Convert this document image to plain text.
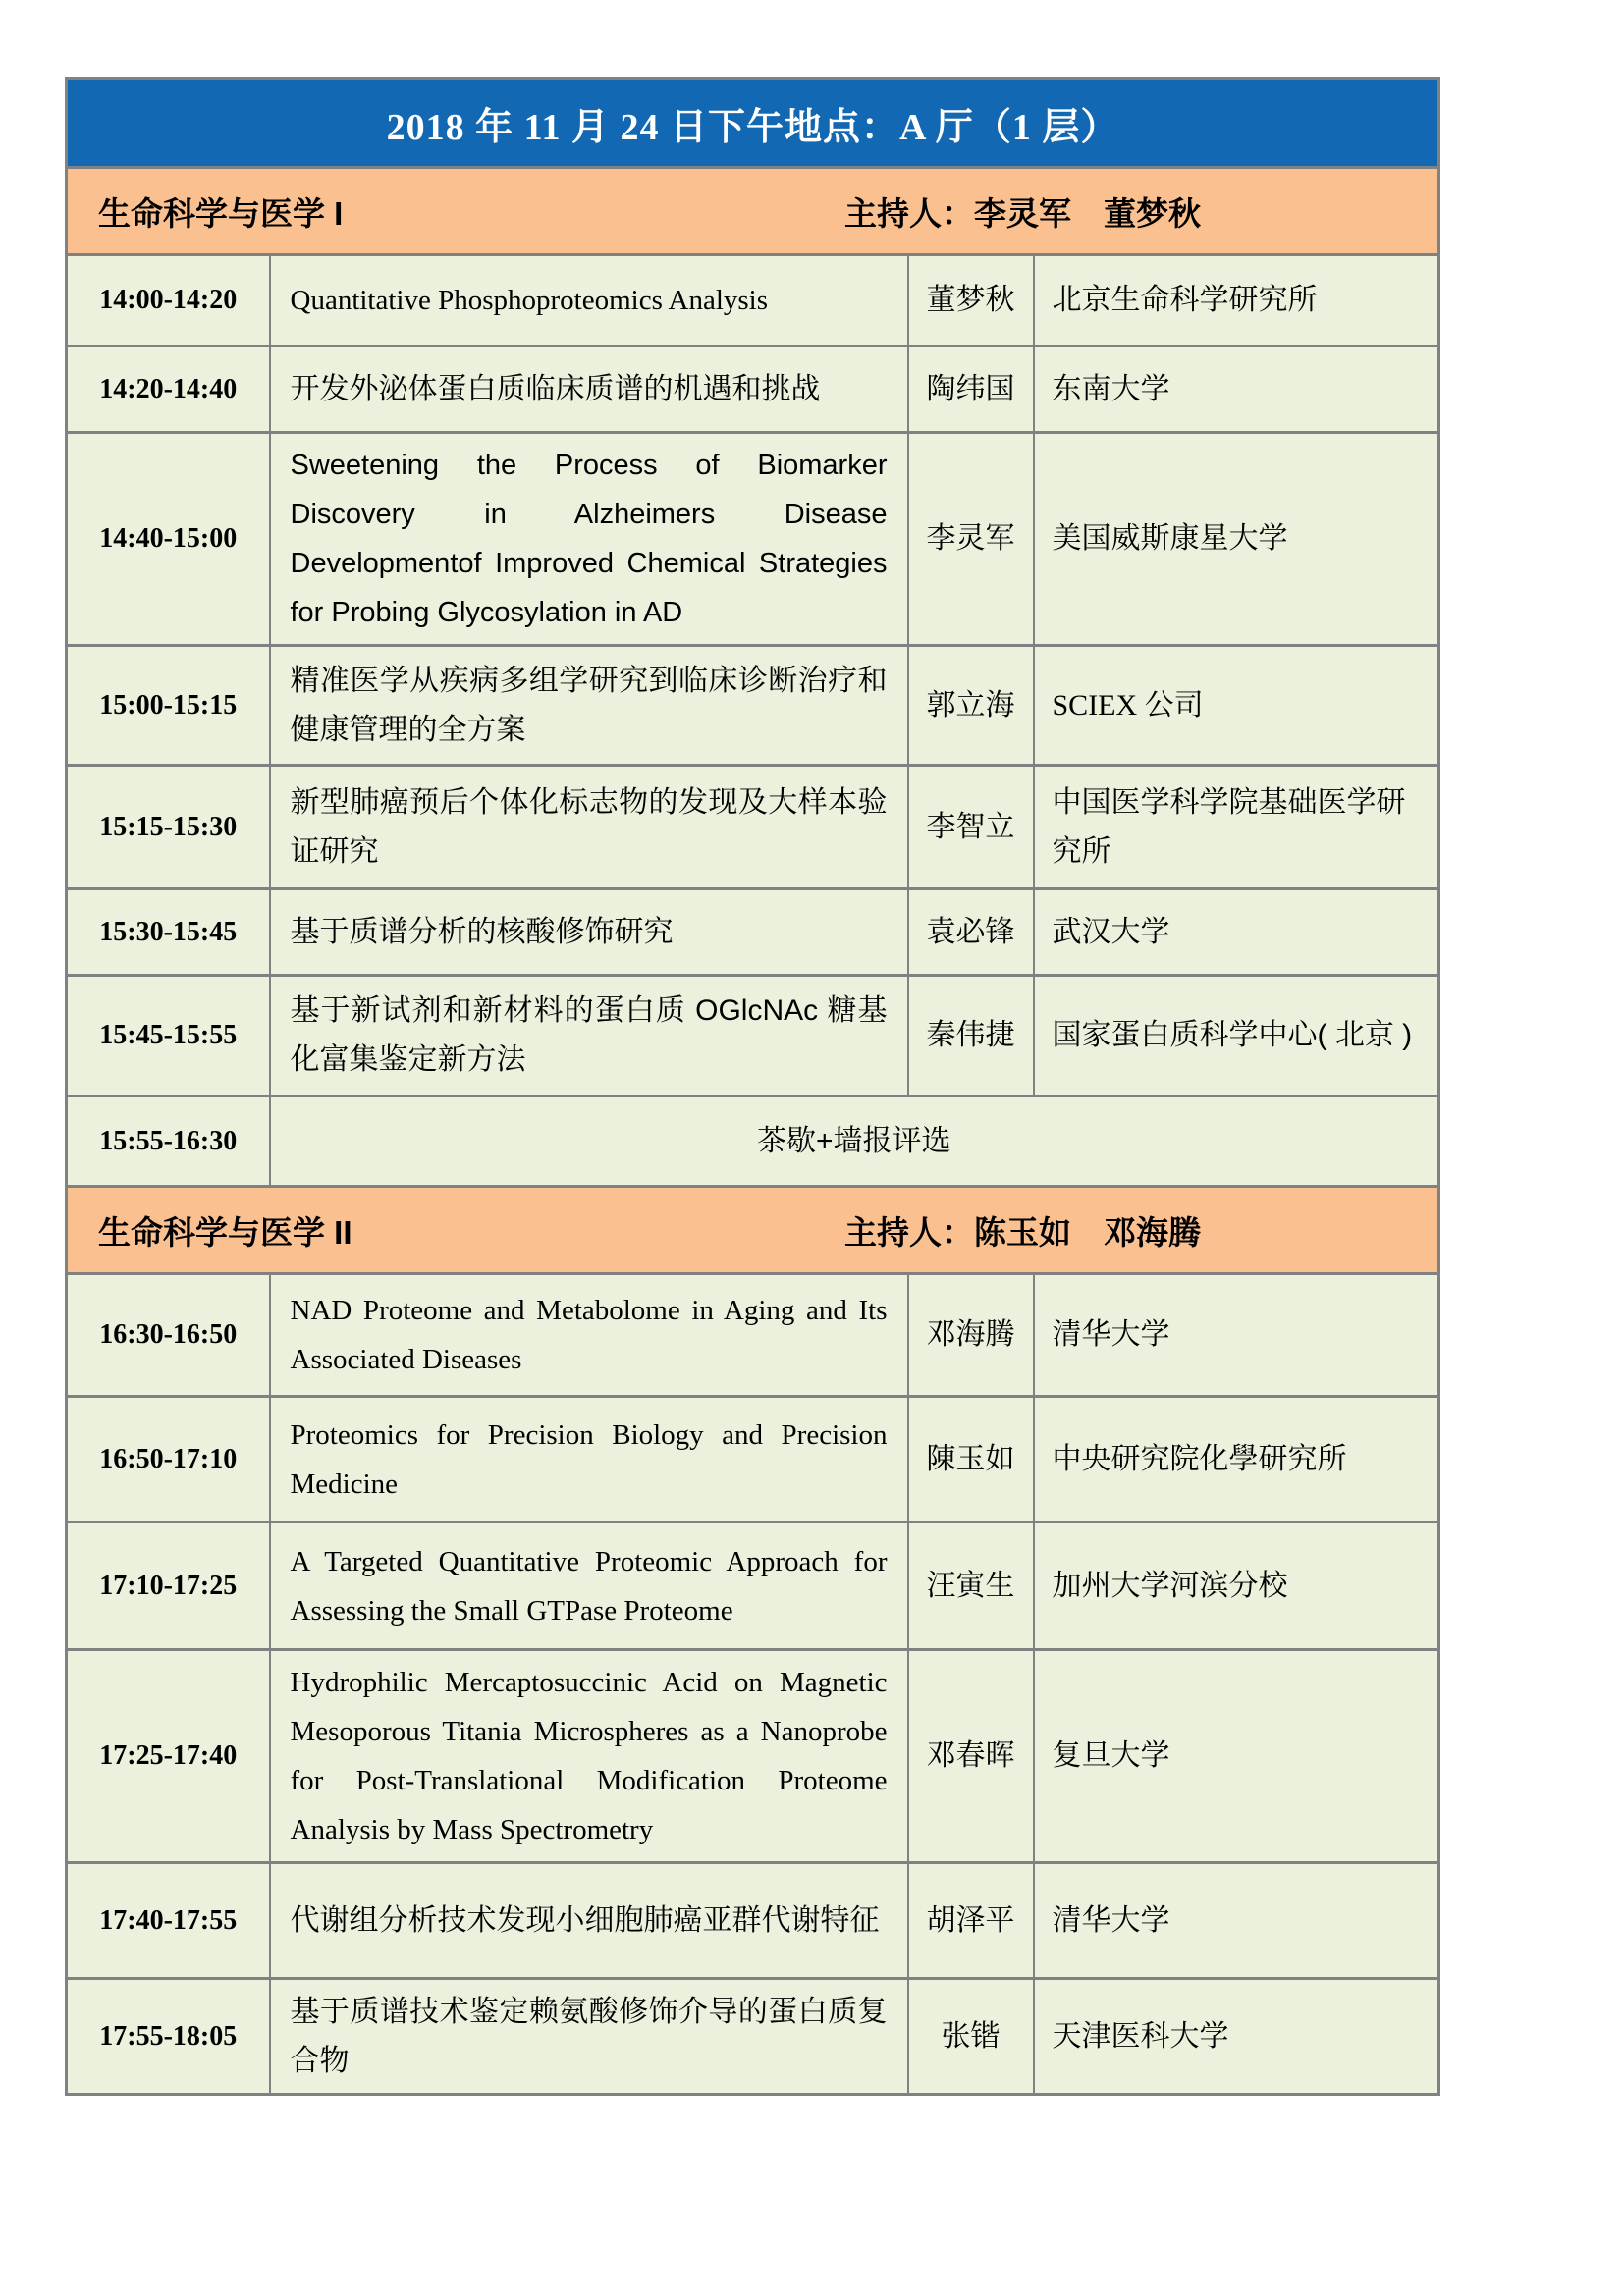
2018 年 11 月 24 日下午地点：A 厅（1 层）			

生命科学与医学 I 主持人：李灵军　董梦秋			

14:00-14:20	Quantitative Phosphoproteomics Analysis	董梦秋	北京生命科学研究所
14:20-14:40	开发外泌体蛋白质临床质谱的机遇和挑战	陶纬国	东南大学
14:40-15:00	Sweetening the Process of Biomarker Discovery in Alzheimers Disease Developmentof Improved Chemical Strategies for Probing Glycosylation in AD	李灵军	美国威斯康星大学
15:00-15:15	精准医学从疾病多组学研究到临床诊断治疗和健康管理的全方案	郭立海	SCIEX 公司
15:15-15:30	新型肺癌预后个体化标志物的发现及大样本验证研究	李智立	中国医学科学院基础医学研究所
15:30-15:45	基于质谱分析的核酸修饰研究	袁必锋	武汉大学
15:45-15:55	基于新试剂和新材料的蛋白质 OGlcNAc 糖基化富集鉴定新方法	秦伟捷	国家蛋白质科学中心( 北京 )
15:55-16:30	茶歇+墙报评选		

生命科学与医学 II 主持人：陈玉如　邓海腾			

16:30-16:50	NAD Proteome and Metabolome in Aging and Its Associated Diseases	邓海腾	清华大学
16:50-17:10	Proteomics for Precision Biology and Precision Medicine	陳玉如	中央研究院化學研究所
17:10-17:25	A Targeted Quantitative Proteomic Approach for Assessing the Small GTPase Proteome	汪寅生	加州大学河滨分校
17:25-17:40	Hydrophilic Mercaptosuccinic Acid on Magnetic Mesoporous Titania Microspheres as a Nanoprobe for Post-Translational Modification Proteome Analysis by Mass Spectrometry	邓春晖	复旦大学
17:40-17:55	代谢组分析技术发现小细胞肺癌亚群代谢特征	胡泽平	清华大学
17:55-18:05	基于质谱技术鉴定赖氨酸修饰介导的蛋白质复合物	张锴	天津医科大学
